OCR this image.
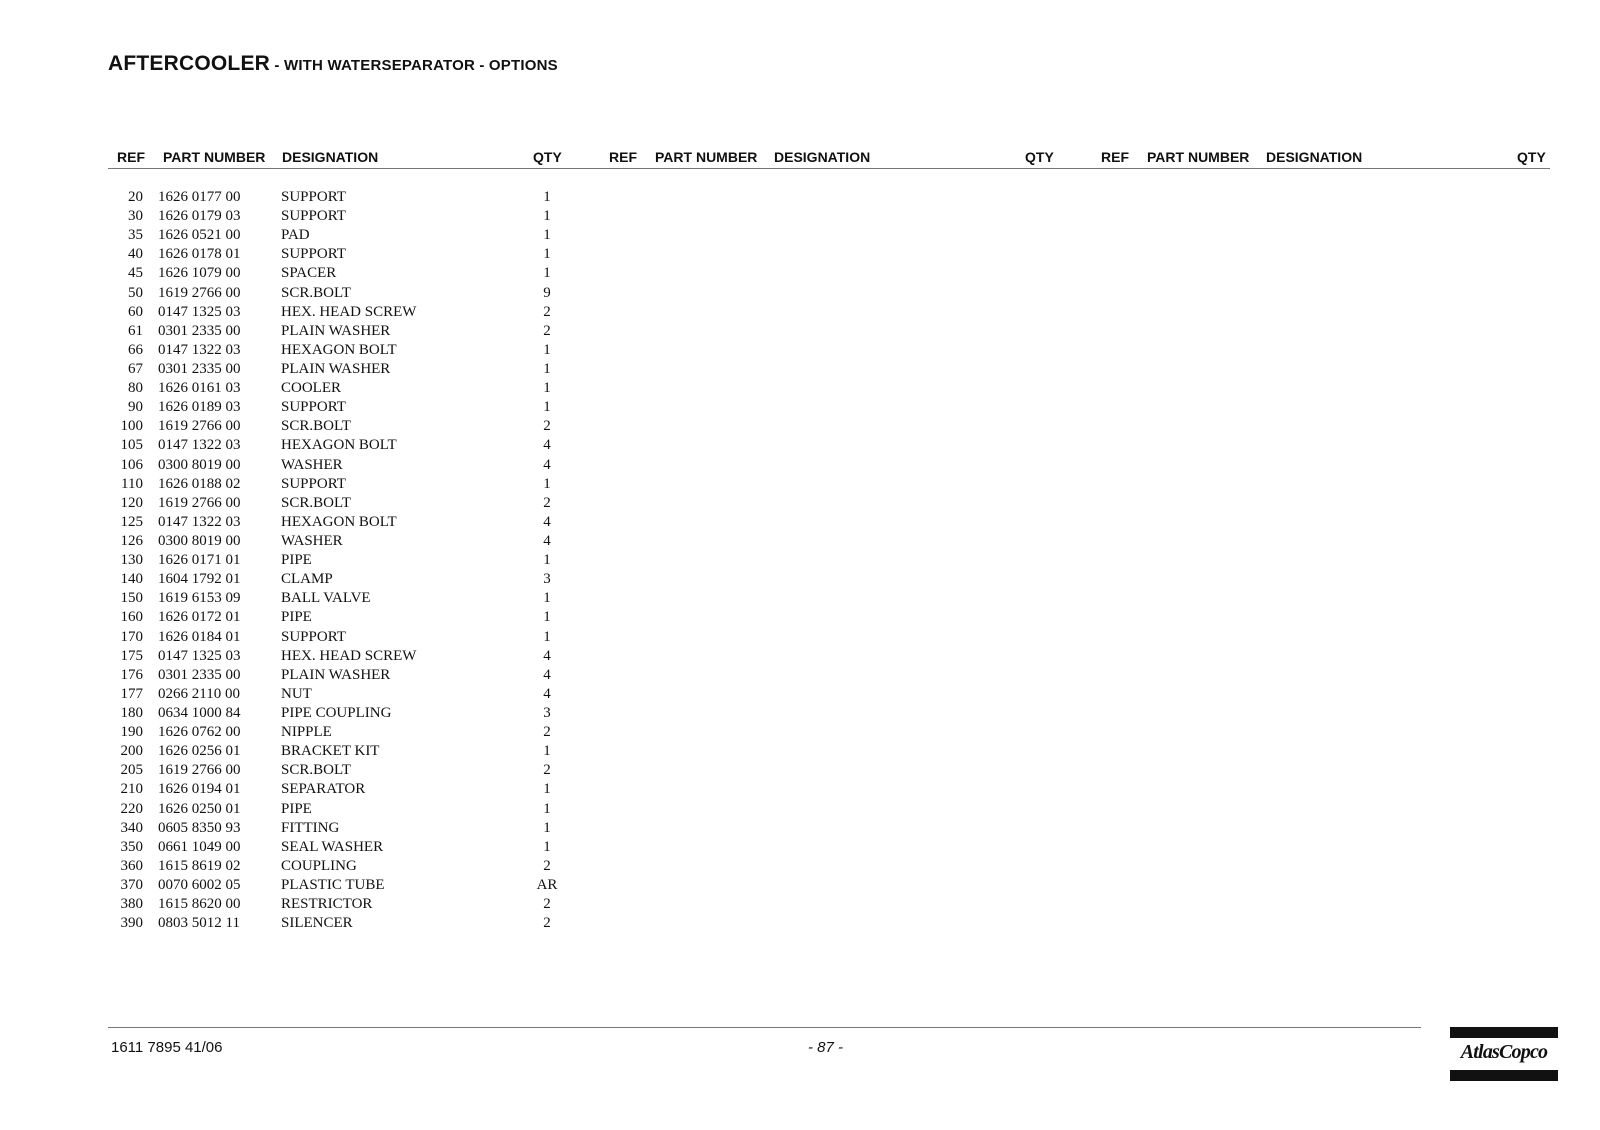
AFTERCOOLER - WITH WATERSEPARATOR - OPTIONS
REF PART NUMBER DESIGNATION	QTY	REF PART NUMBER DESIGNATION	QTY	REF PART NUMBER DESIGNATION	QTY
20 1626 0177 00	SUPPORT	1
30 1626 0179 03	SUPPORT	1
35 1626 0521 00	PAD	1
40 1626 0178 01	SUPPORT	1
45 1626 1079 00	SPACER	1
50 1619 2766 00	SCR.BOLT	9
60 0147 1325 03	HEX. HEAD SCREW	2
61 0301 2335 00	PLAIN WASHER	2
66 0147 1322 03	HEXAGON BOLT	1
67 0301 2335 00	PLAIN WASHER	1
80 1626 0161 03	COOLER	1
90 1626 0189 03	SUPPORT	1
100 1619 2766 00	SCR.BOLT	2
105 0147 1322 03	HEXAGON BOLT	4
106 0300 8019 00	WASHER	4
110 1626 0188 02	SUPPORT	1
120 1619 2766 00	SCR.BOLT	2
125 0147 1322 03	HEXAGON BOLT	4
126 0300 8019 00	WASHER	4
130 1626 0171 01	PIPE	1
140 1604 1792 01	CLAMP	3
150 1619 6153 09	BALL VALVE	1
160 1626 0172 01	PIPE	1
170 1626 0184 01	SUPPORT	1
175 0147 1325 03	HEX. HEAD SCREW	4
176 0301 2335 00	PLAIN WASHER	4
177 0266 2110 00	NUT	4
180 0634 1000 84	PIPE COUPLING	3
190 1626 0762 00	NIPPLE	2
200 1626 0256 01	BRACKET KIT	1
205 1619 2766 00	SCR.BOLT	2
210 1626 0194 01	SEPARATOR	1
220 1626 0250 01	PIPE	1
340 0605 8350 93	FITTING	1
350 0661 1049 00	SEAL WASHER	1
360 1615 8619 02	COUPLING	2
370 0070 6002 05	PLASTIC TUBE	AR
380 1615 8620 00	RESTRICTOR	2
390 0803 5012 11	SILENCER	2
1611 7895 41/06	- 87 -	AtlasCopco
